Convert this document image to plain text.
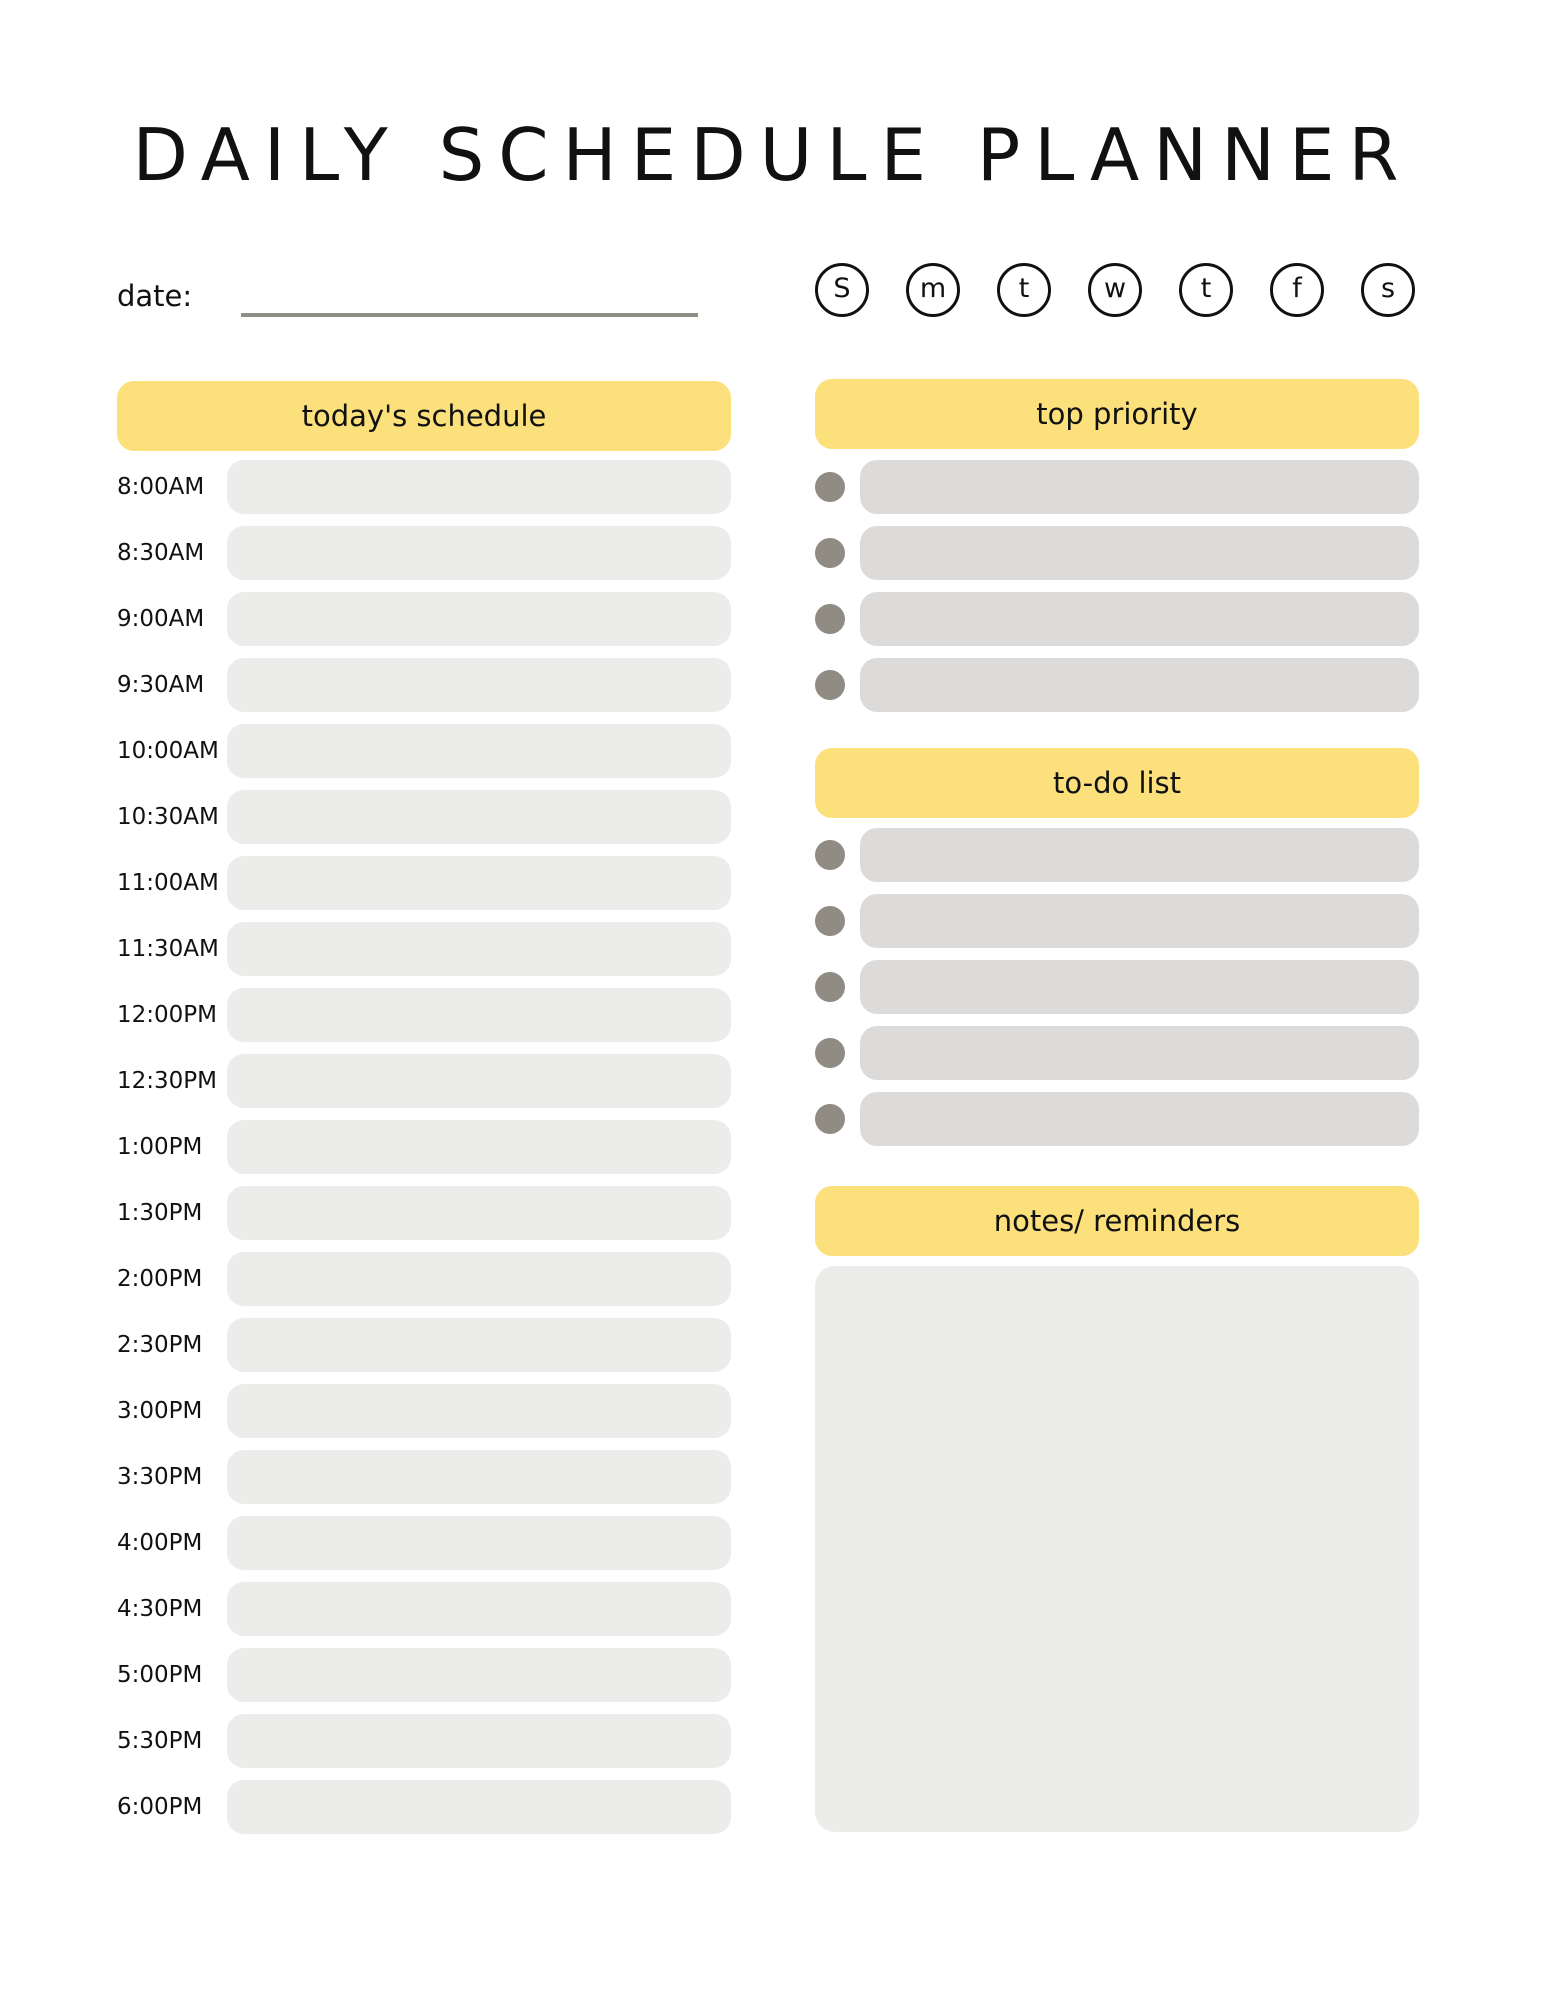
DAILY SCHEDULE PLANNER
date:	S	m	t	w	t	f	s
today's schedule
8:00AM
8:30AM
9:00AM
9:30AM
10:00AM
10:30AM
11:00AM
11:30AM
12:00PM
12:30PM
1:00PM
1:30PM
2:00PM
2:30PM
3:00PM
3:30PM
4:00PM
4:30PM
5:00PM
5:30PM
6:00PM
top priority
to-do list
notes/ reminders
